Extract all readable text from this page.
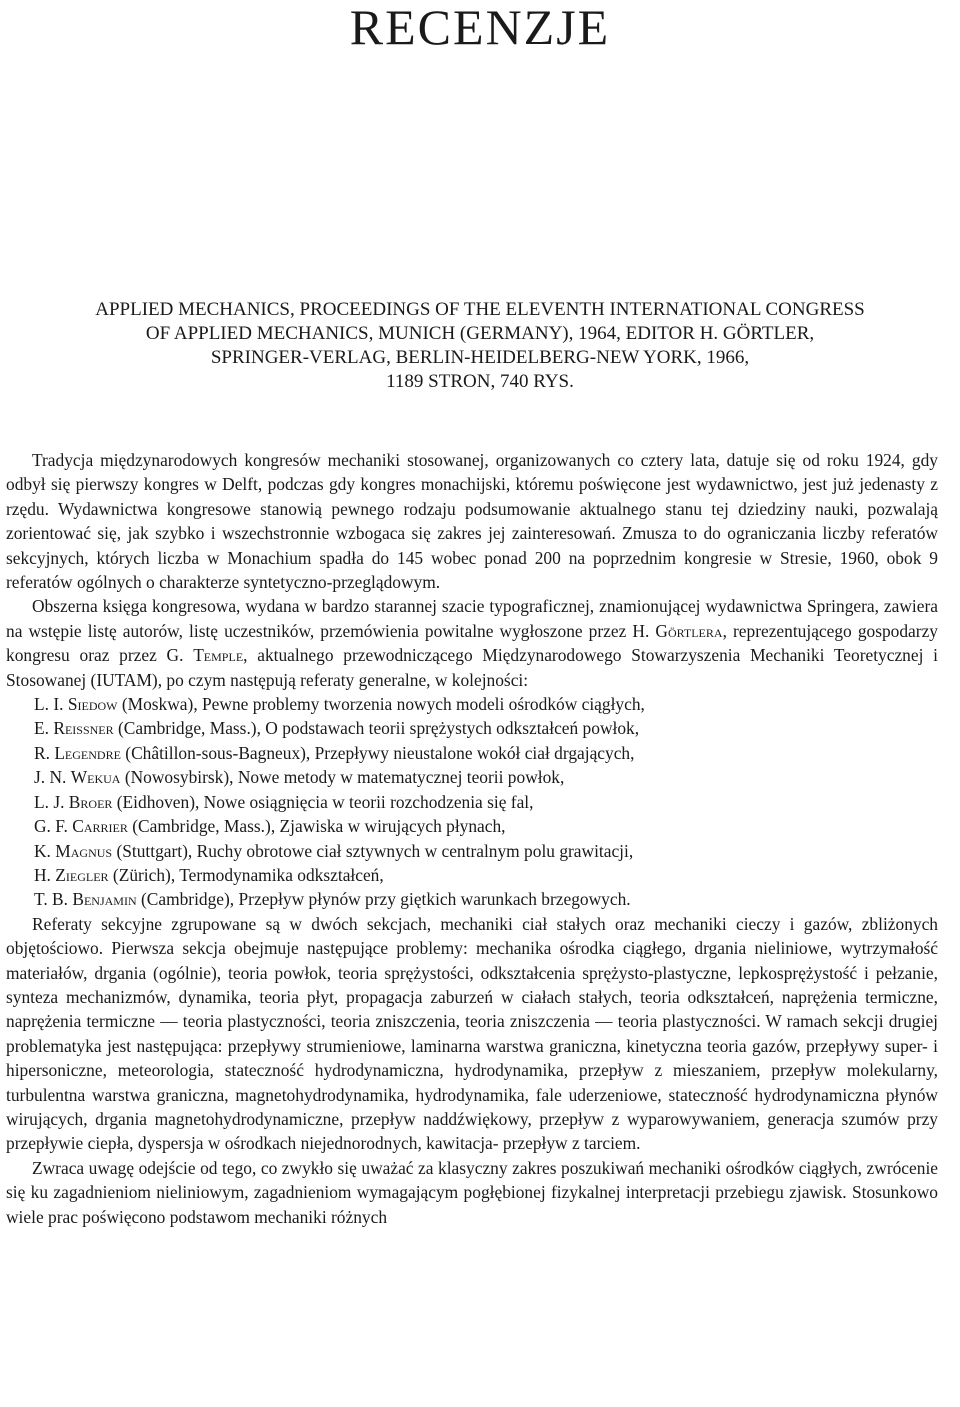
RECENZJE
APPLIED MECHANICS, PROCEEDINGS OF THE ELEVENTH INTERNATIONAL CONGRESS
OF APPLIED MECHANICS, MUNICH (GERMANY), 1964, EDITOR H. GÖRTLER,
SPRINGER-VERLAG, BERLIN-HEIDELBERG-NEW YORK, 1966,
1189 STRON, 740 RYS.

Tradycja międzynarodowych kongresów mechaniki stosowanej, organizowanych co cztery lata, datuje się od roku 1924, gdy odbył się pierwszy kongres w Delft, podczas gdy kongres monachijski, któremu poświęcone jest wydawnictwo, jest już jedenasty z rzędu. Wydawnictwa kongresowe stanowią pewnego rodzaju podsumowanie aktualnego stanu tej dziedziny nauki, pozwalają zorientować się, jak szybko i wszechstronnie wzbogaca się zakres jej zainteresowań. Zmusza to do ograniczania liczby referatów sekcyjnych, których liczba w Monachium spadła do 145 wobec ponad 200 na poprzednim kongresie w Stresie, 1960, obok 9 referatów ogólnych o charakterze syntetyczno-przeglądowym.

Obszerna księga kongresowa, wydana w bardzo starannej szacie typograficznej, znamionującej wydawnictwa Springera, zawiera na wstępie listę autorów, listę uczestników, przemówienia powitalne wygłoszone przez H. Görtlera, reprezentującego gospodarzy kongresu oraz przez G. Temple, aktualnego przewodniczącego Międzynarodowego Stowarzyszenia Mechaniki Teoretycznej i Stosowanej (IUTAM), po czym następują referaty generalne, w kolejności:

L. I. Siedow (Moskwa), Pewne problemy tworzenia nowych modeli ośrodków ciągłych,
E. Reissner (Cambridge, Mass.), O podstawach teorii sprężystych odkształceń powłok,
R. Legendre (Châtillon-sous-Bagneux), Przepływy nieustalone wokół ciał drgających,
J. N. Wekua (Nowosybirsk), Nowe metody w matematycznej teorii powłok,
L. J. Broer (Eidhoven), Nowe osiągnięcia w teorii rozchodzenia się fal,
G. F. Carrier (Cambridge, Mass.), Zjawiska w wirujących płynach,
K. Magnus (Stuttgart), Ruchy obrotowe ciał sztywnych w centralnym polu grawitacji,
H. Ziegler (Zürich), Termodynamika odkształceń,
T. B. Benjamin (Cambridge), Przepływ płynów przy giętkich warunkach brzegowych.

Referaty sekcyjne zgrupowane są w dwóch sekcjach, mechaniki ciał stałych oraz mechaniki cieczy i gazów, zbliżonych objętościowo. Pierwsza sekcja obejmuje następujące problemy: mechanika ośrodka ciągłego, drgania nieliniowe, wytrzymałość materiałów, drgania (ogólnie), teoria powłok, teoria sprężystości, odkształcenia sprężysto-plastyczne, lepkosprężystość i pełzanie, synteza mechanizmów, dynamika, teoria płyt, propagacja zaburzeń w ciałach stałych, teoria odkształceń, naprężenia termiczne, naprężenia termiczne — teoria plastyczności, teoria zniszczenia, teoria zniszczenia — teoria plastyczności. W ramach sekcji drugiej problematyka jest następująca: przepływy strumieniowe, laminarna warstwa graniczna, kinetyczna teoria gazów, przepływy super- i hipersoniczne, meteorologia, stateczność hydrodynamiczna, hydrodynamika, przepływ z mieszaniem, przepływ molekularny, turbulentna warstwa graniczna, magnetohydrodynamika, hydrodynamika, fale uderzeniowe, stateczność hydrodynamiczna płynów wirujących, drgania magnetohydrodynamiczne, przepływ naddźwiękowy, przepływ z wyparowywaniem, generacja szumów przy przepływie ciepła, dyspersja w ośrodkach niejednorodnych, kawitacja- przepływ z tarciem.

Zwraca uwagę odejście od tego, co zwykło się uważać za klasyczny zakres poszukiwań mechaniki ośrodków ciągłych, zwrócenie się ku zagadnieniom nieliniowym, zagadnieniom wymagającym pogłębionej fizykalnej interpretacji przebiegu zjawisk. Stosunkowo wiele prac poświęcono podstawom mechaniki różnych
